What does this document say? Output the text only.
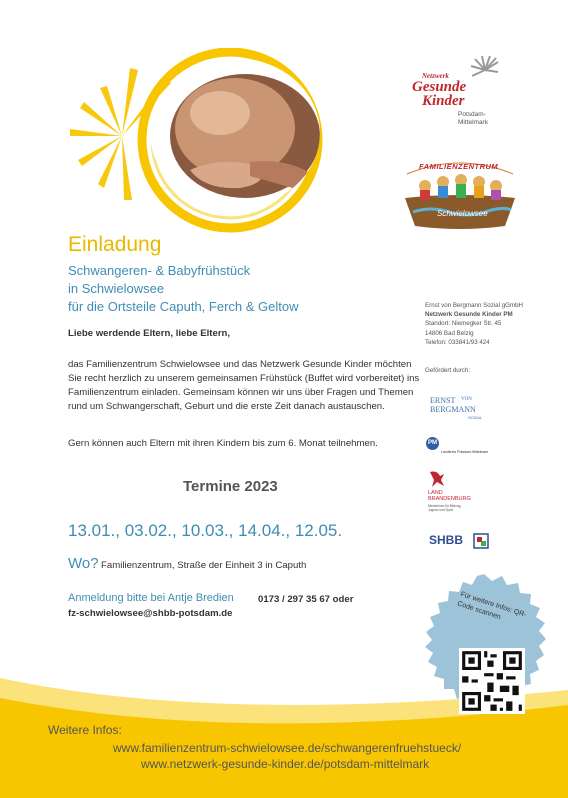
Netzwerk
Gesunde
Kinder
Potsdam-
Mittelmark
FAMILIENZENTRUM
Schwielowsee
Ernst von Bergmann Sozial gGmbH
Netzwerk Gesunde Kinder PM
Standort: Niemegker Str. 45
14806 Bad Belzig
Telefon: 033841/93 424
Gefördert durch:
ERNST VON
BERGMANN
SOZIAL
PM
Landkreis Potsdam-Mittelmark
LAND
BRANDENBURG
Ministerium für Bildung,
Jugend und Sport
SHBB
Einladung
Schwangeren- & Babyfrühstück
in Schwielowsee
für die Ortsteile Caputh, Ferch & Geltow
Liebe werdende Eltern, liebe Eltern,
das Familienzentrum Schwielowsee und das Netzwerk Gesunde Kinder möchten Sie recht herzlich zu unserem gemeinsamen Frühstück (Buffet wird vorbereitet) ins Familienzentrum einladen. Gemeinsam können wir uns über Fragen und Themen rund um Schwangerschaft, Geburt und die erste Zeit danach austauschen.
Gern können auch Eltern mit ihren Kindern bis zum 6. Monat teilnehmen.
Termine 2023
13.01., 03.02., 10.03., 14.04., 12.05.
Wo? Familienzentrum, Straße der Einheit 3 in Caputh
Anmeldung bitte bei Antje Bredien	0173 / 297 35 67 oder
fz-schwielowsee@shbb-potsdam.de	Für weitere Infos: QR-Code scannen
Weitere Infos:
www.familienzentrum-schwielowsee.de/schwangerenfruehstueck/
www.netzwerk-gesunde-kinder.de/potsdam-mittelmark
